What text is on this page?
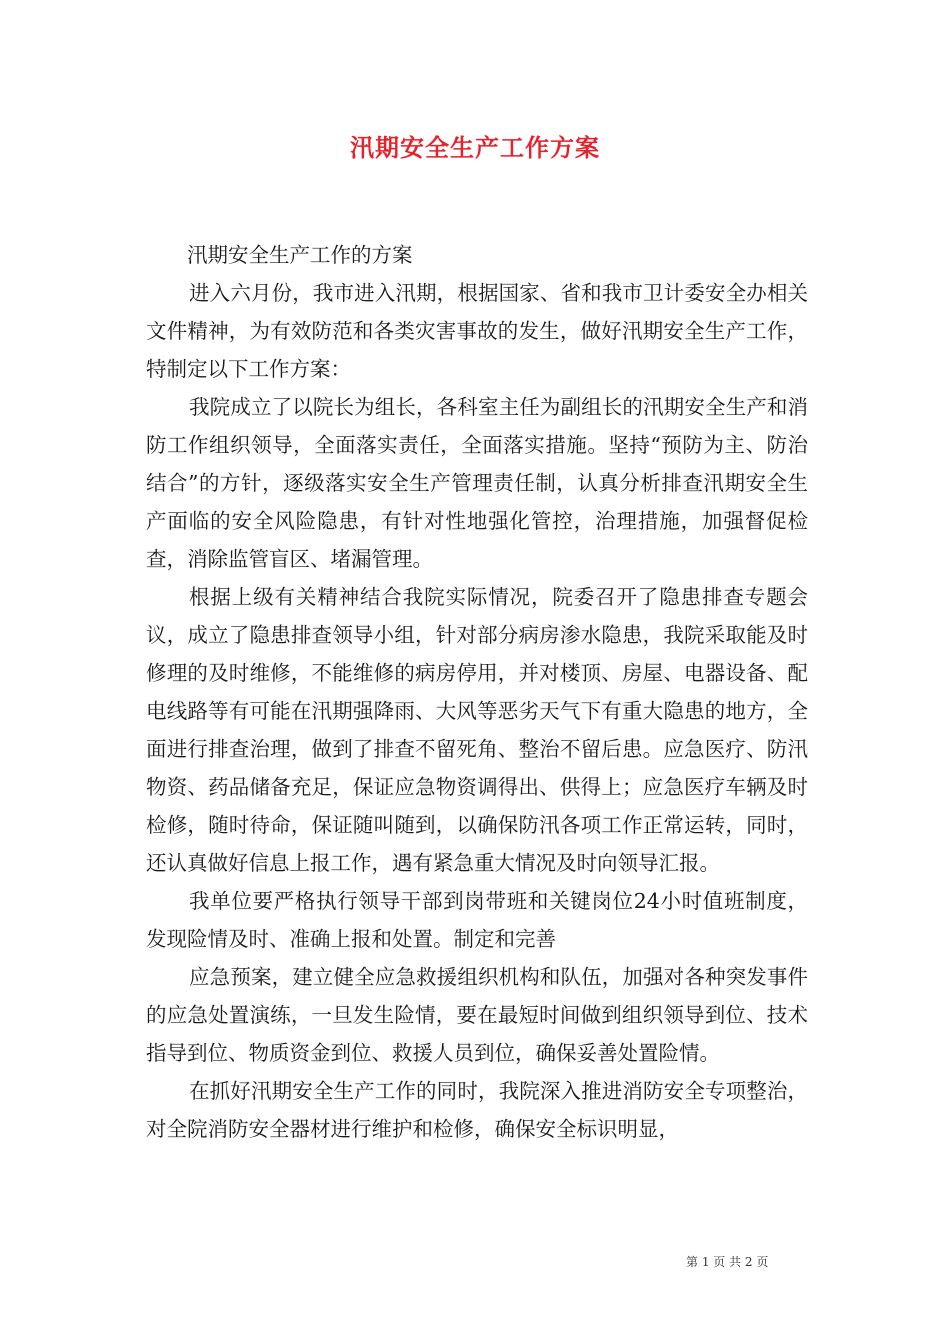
汛期安全生产工作方案

汛期安全生产工作的方案

进入六月份，我市进入汛期，根据国家、省和我市卫计委安全办相关文件精神，为有效防范和各类灾害事故的发生，做好汛期安全生产工作，特制定以下工作方案：

我院成立了以院长为组长，各科室主任为副组长的汛期安全生产和消防工作组织领导，全面落实责任，全面落实措施。坚持“预防为主、防治结合”的方针，逐级落实安全生产管理责任制，认真分析排查汛期安全生产面临的安全风险隐患，有针对性地强化管控，治理措施，加强督促检查，消除监管盲区、堵漏管理。

根据上级有关精神结合我院实际情况，院委召开了隐患排查专题会议，成立了隐患排查领导小组，针对部分病房渗水隐患，我院采取能及时修理的及时维修，不能维修的病房停用，并对楼顶、房屋、电器设备、配电线路等有可能在汛期强降雨、大风等恶劣天气下有重大隐患的地方，全面进行排查治理，做到了排查不留死角、整治不留后患。应急医疗、防汛物资、药品储备充足，保证应急物资调得出、供得上；应急医疗车辆及时检修，随时待命，保证随叫随到，以确保防汛各项工作正常运转，同时，还认真做好信息上报工作，遇有紧急重大情况及时向领导汇报。

我单位要严格执行领导干部到岗带班和关键岗位24小时值班制度，发现险情及时、准确上报和处置。制定和完善

应急预案，建立健全应急救援组织机构和队伍，加强对各种突发事件的应急处置演练，一旦发生险情，要在最短时间做到组织领导到位、技术指导到位、物质资金到位、救援人员到位，确保妥善处置险情。

在抓好汛期安全生产工作的同时，我院深入推进消防安全专项整治，对全院消防安全器材进行维护和检修，确保安全标识明显，

第 1 页 共 2 页
